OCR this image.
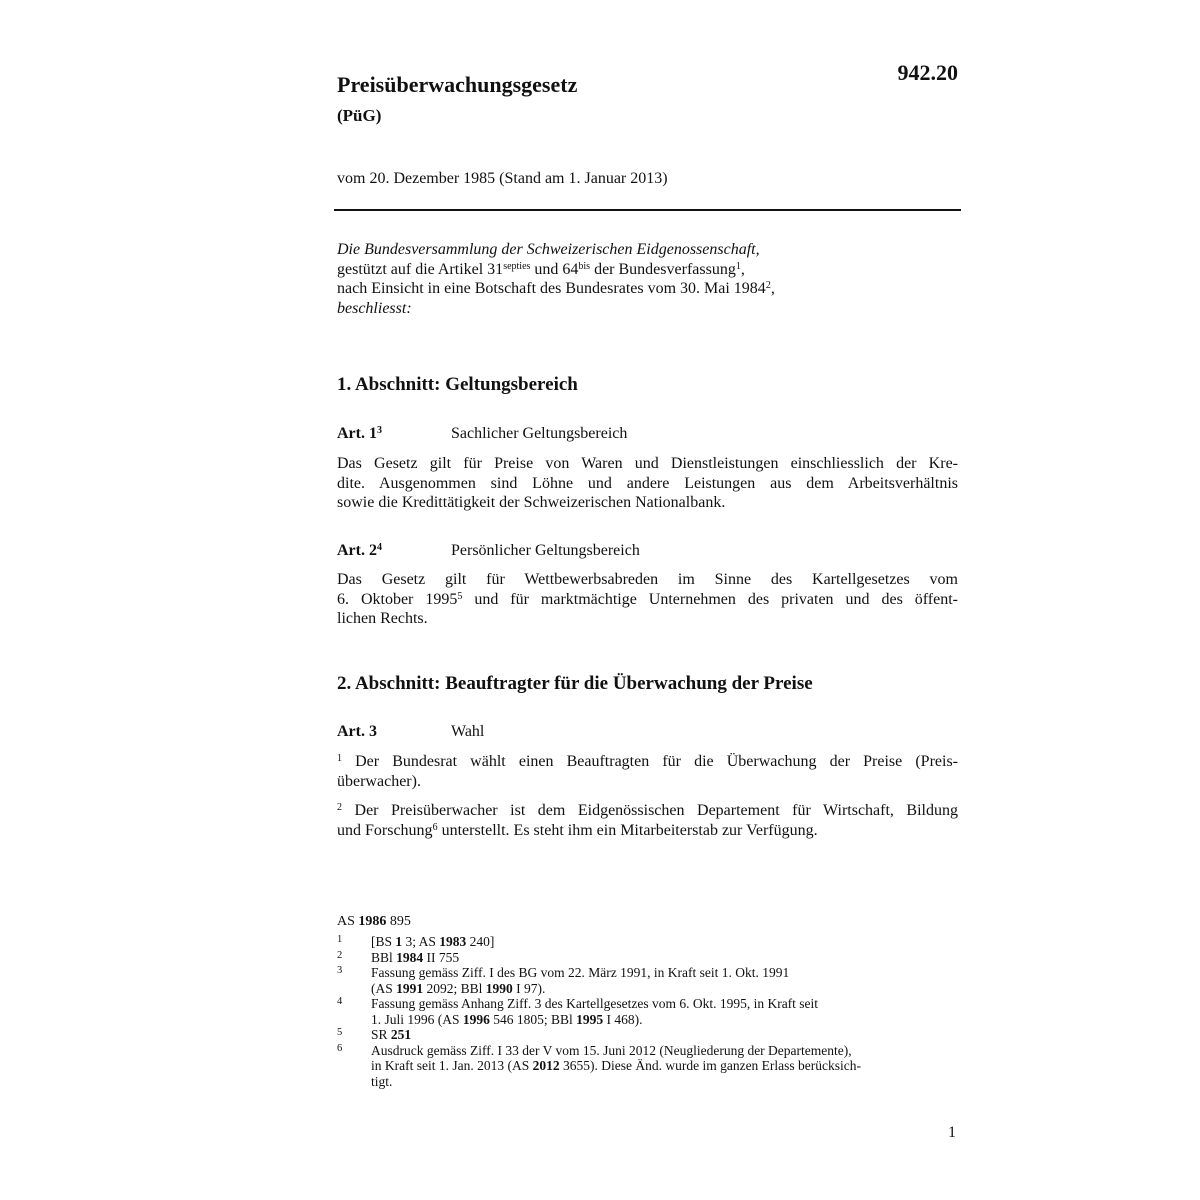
942.20
Preisüberwachungsgesetz
(PüG)
vom 20. Dezember 1985 (Stand am 1. Januar 2013)
Die Bundesversammlung der Schweizerischen Eidgenossenschaft,
gestützt auf die Artikel $31^{septies}$ und $64^{bis}$ der Bundesverfassung$^1$,
nach Einsicht in eine Botschaft des Bundesrates vom 30. Mai 1984$^2$,
beschliesst:
1. Abschnitt: Geltungsbereich
Art. $1^3$	Sachlicher Geltungsbereich
Das Gesetz gilt für Preise von Waren und Dienstleistungen einschliesslich der Kre-
dite. Ausgenommen sind Löhne und andere Leistungen aus dem Arbeitsverhältnis
sowie die Kredittätigkeit der Schweizerischen Nationalbank.
Art. $2^4$	Persönlicher Geltungsbereich
Das Gesetz gilt für Wettbewerbsabreden im Sinne des Kartellgesetzes vom
6. Oktober 1995$^5$ und für marktmächtige Unternehmen des privaten und des öffent-
lichen Rechts.
2. Abschnitt: Beauftragter für die Überwachung der Preise
Art. 3	Wahl
$^1$ Der Bundesrat wählt einen Beauftragten für die Überwachung der Preise (Preis-
überwacher).
$^2$ Der Preisüberwacher ist dem Eidgenössischen Departement für Wirtschaft, Bildung
und Forschung$^6$ unterstellt. Es steht ihm ein Mitarbeiterstab zur Verfügung.
AS 1986 895
1 [BS 1 3; AS 1983 240]
2 BBl 1984 II 755
3 Fassung gemäss Ziff. I des BG vom 22. März 1991, in Kraft seit 1. Okt. 1991
(AS 1991 2092; BBl 1990 I 97).
4 Fassung gemäss Anhang Ziff. 3 des Kartellgesetzes vom 6. Okt. 1995, in Kraft seit
1. Juli 1996 (AS 1996 546 1805; BBl 1995 I 468).
5 SR 251
6 Ausdruck gemäss Ziff. I 33 der V vom 15. Juni 2012 (Neugliederung der Departemente),
in Kraft seit 1. Jan. 2013 (AS 2012 3655). Diese Änd. wurde im ganzen Erlass berücksich-
tigt.
1
